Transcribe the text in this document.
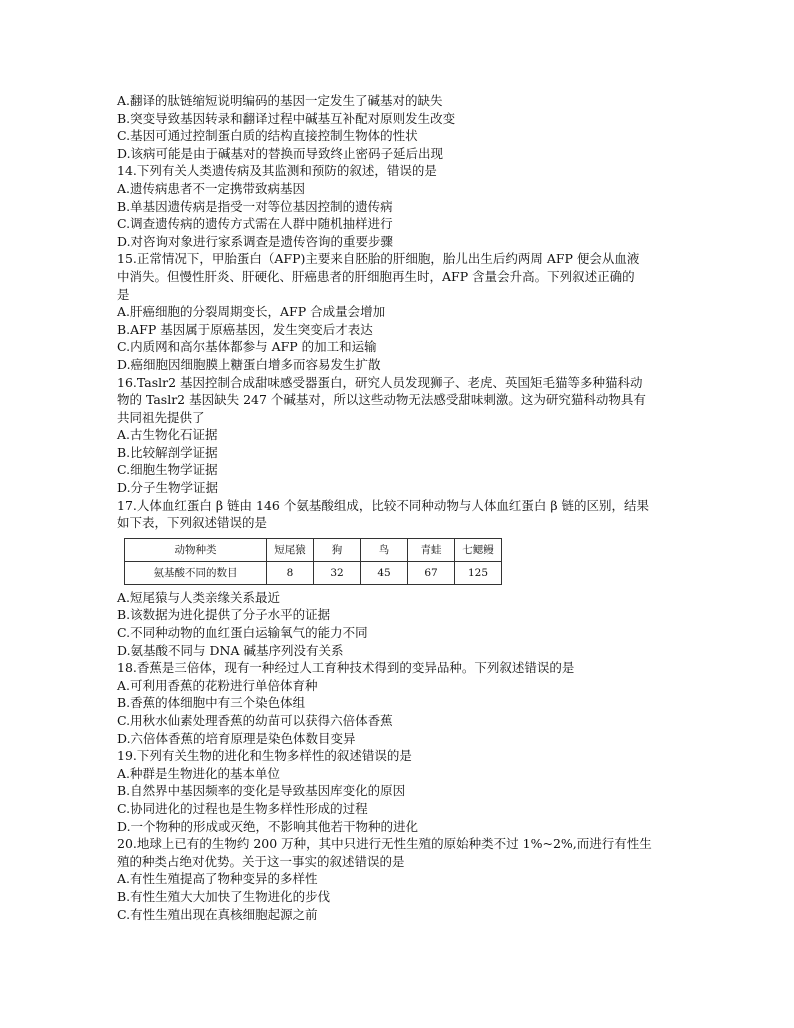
A.翻译的肽链缩短说明编码的基因一定发生了碱基对的缺失
B.突变导致基因转录和翻译过程中碱基互补配对原则发生改变
C.基因可通过控制蛋白质的结构直接控制生物体的性状
D.该病可能是由于碱基对的替换而导致终止密码子延后出现
14.下列有关人类遗传病及其监测和预防的叙述，错误的是
A.遗传病患者不一定携带致病基因
B.单基因遗传病是指受一对等位基因控制的遗传病
C.调查遗传病的遗传方式需在人群中随机抽样进行
D.对咨询对象进行家系调查是遗传咨询的重要步骤
15.正常情况下，甲胎蛋白（AFP)主要来自胚胎的肝细胞，胎儿出生后约两周 AFP 便会从血液
中消失。但慢性肝炎、肝硬化、肝癌患者的肝细胞再生时，AFP 含量会升高。下列叙述正确的
是
A.肝癌细胞的分裂周期变长，AFP 合成量会增加
B.AFP 基因属于原癌基因，发生突变后才表达
C.内质网和高尔基体都参与 AFP 的加工和运输
D.癌细胞因细胞膜上糖蛋白增多而容易发生扩散
16.Taslr2 基因控制合成甜味感受器蛋白，研究人员发现狮子、老虎、英国矩毛猫等多种猫科动
物的 Taslr2 基因缺失 247 个碱基对，所以这些动物无法感受甜味刺激。这为研究猫科动物具有
共同祖先提供了
A.古生物化石证据
B.比较解剖学证据
C.细胞生物学证据
D.分子生物学证据
17.人体血红蛋白 β 链由 146 个氨基酸组成，比较不同种动物与人体血红蛋白 β 链的区别，结果
如下表，下列叙述错误的是
动物种类	短尾猿	狗	鸟	青蛙	七鳃鳗
氨基酸不同的数目	8	32	45	67	125
A.短尾猿与人类亲缘关系最近
B.该数据为进化提供了分子水平的证据
C.不同种动物的血红蛋白运输氧气的能力不同
D.氨基酸不同与 DNA 碱基序列没有关系
18.香蕉是三倍体，现有一种经过人工育种技术得到的变异品种。下列叙述错误的是
A.可利用香蕉的花粉进行单倍体育种
B.香蕉的体细胞中有三个染色体组
C.用秋水仙素处理香蕉的幼苗可以获得六倍体香蕉
D.六倍体香蕉的培育原理是染色体数目变异
19.下列有关生物的进化和生物多样性的叙述错误的是
A.种群是生物进化的基本单位
B.自然界中基因频率的变化是导致基因库变化的原因
C.协同进化的过程也是生物多样性形成的过程
D.一个物种的形成或灭绝，不影响其他若干物种的进化
20.地球上已有的生物约 200 万种，其中只进行无性生殖的原始种类不过 1%~2%,而进行有性生
殖的种类占绝对优势。关于这一事实的叙述错误的是
A.有性生殖提高了物种变异的多样性
B.有性生殖大大加快了生物进化的步伐
C.有性生殖出现在真核细胞起源之前
